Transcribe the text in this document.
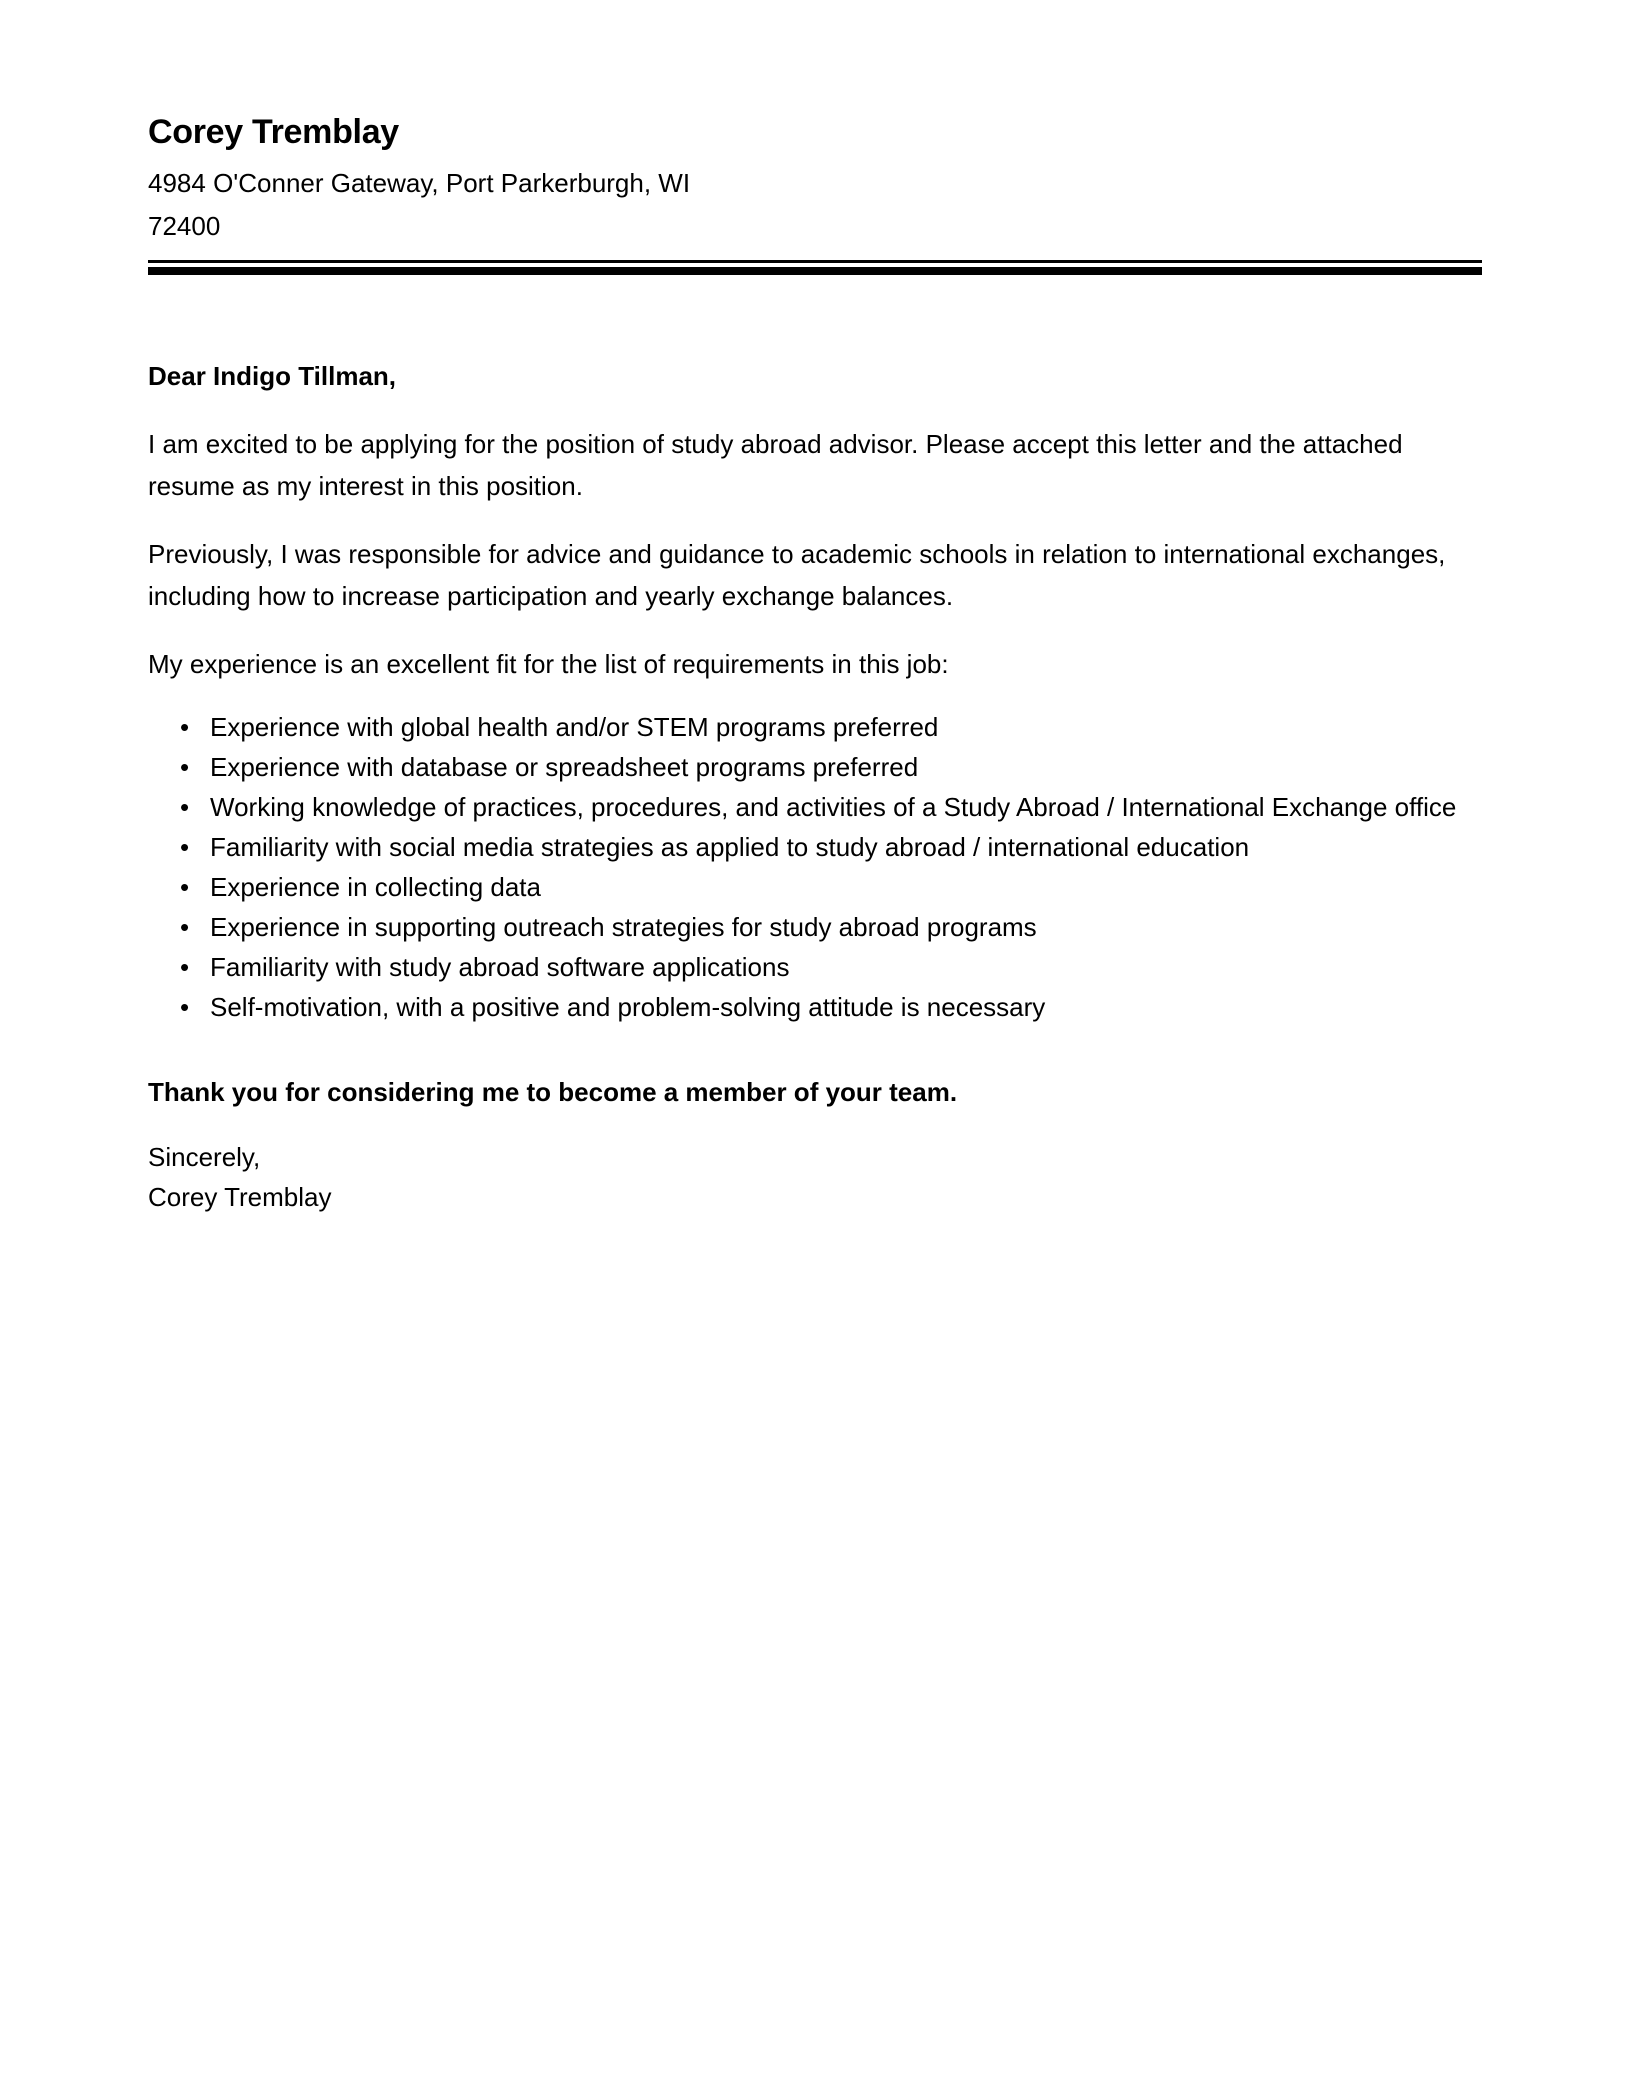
Corey Tremblay

4984 O'Conner Gateway, Port Parkerburgh, WI

72400

Dear Indigo Tillman,

I am excited to be applying for the position of study abroad advisor. Please accept this letter and the attached resume as my interest in this position.

Previously, I was responsible for advice and guidance to academic schools in relation to international exchanges, including how to increase participation and yearly exchange balances.

My experience is an excellent fit for the list of requirements in this job:

• Experience with global health and/or STEM programs preferred
• Experience with database or spreadsheet programs preferred
• Working knowledge of practices, procedures, and activities of a Study Abroad / International Exchange office
• Familiarity with social media strategies as applied to study abroad / international education
• Experience in collecting data
• Experience in supporting outreach strategies for study abroad programs
• Familiarity with study abroad software applications
• Self-motivation, with a positive and problem-solving attitude is necessary

Thank you for considering me to become a member of your team.

Sincerely,

Corey Tremblay
